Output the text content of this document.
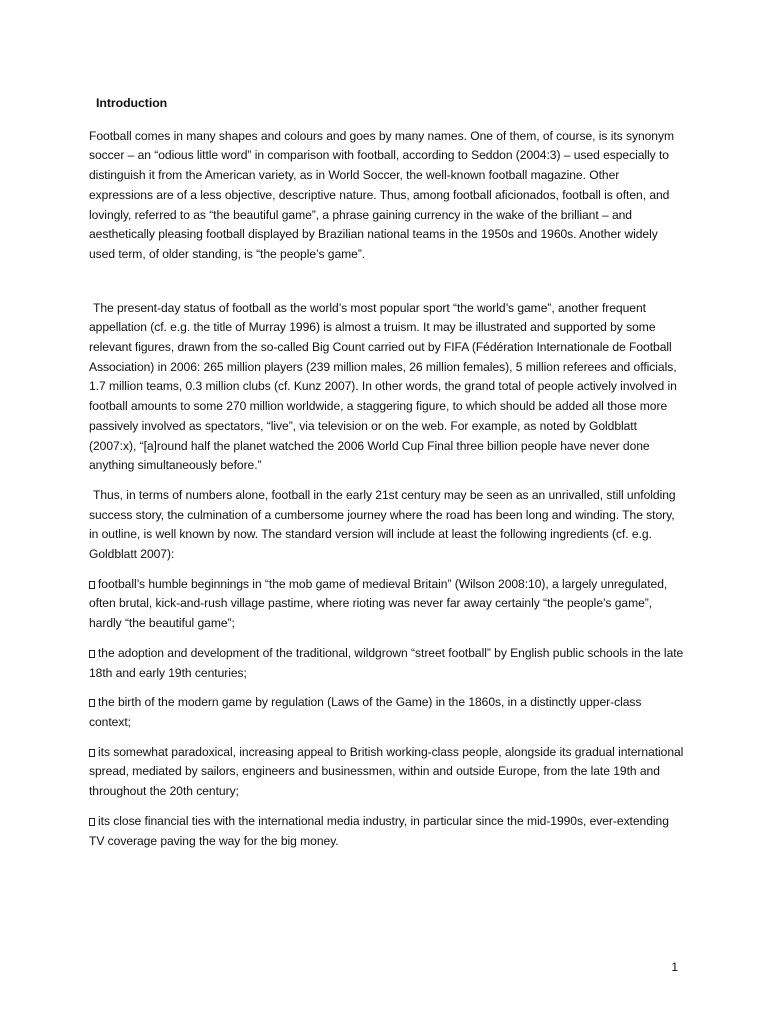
Introduction
Football comes in many shapes and colours and goes by many names. One of them, of course, is its synonym soccer – an “odious little word” in comparison with football, according to Seddon (2004:3) – used especially to distinguish it from the American variety, as in World Soccer, the well-known football magazine. Other expressions are of a less objective, descriptive nature. Thus, among football aficionados, football is often, and lovingly, referred to as “the beautiful game”, a phrase gaining currency in the wake of the brilliant – and aesthetically pleasing football displayed by Brazilian national teams in the 1950s and 1960s. Another widely used term, of older standing, is “the people’s game”.
The present-day status of football as the world’s most popular sport “the world’s game”, another frequent appellation (cf. e.g. the title of Murray 1996) is almost a truism. It may be illustrated and supported by some relevant figures, drawn from the so-called Big Count carried out by FIFA (Fédération Internationale de Football Association) in 2006: 265 million players (239 million males, 26 million females), 5 million referees and officials, 1.7 million teams, 0.3 million clubs (cf. Kunz 2007). In other words, the grand total of people actively involved in football amounts to some 270 million worldwide, a staggering figure, to which should be added all those more passively involved as spectators, “live”, via television or on the web. For example, as noted by Goldblatt (2007:x), “[a]round half the planet watched the 2006 World Cup Final three billion people have never done anything simultaneously before.”
Thus, in terms of numbers alone, football in the early 21st century may be seen as an unrivalled, still unfolding success story, the culmination of a cumbersome journey where the road has been long and winding. The story, in outline, is well known by now. The standard version will include at least the following ingredients (cf. e.g. Goldblatt 2007):
football’s humble beginnings in “the mob game of medieval Britain” (Wilson 2008:10), a largely unregulated, often brutal, kick-and-rush village pastime, where rioting was never far away certainly “the people’s game”, hardly “the beautiful game”;
the adoption and development of the traditional, wildgrown “street football” by English public schools in the late 18th and early 19th centuries;
the birth of the modern game by regulation (Laws of the Game) in the 1860s, in a distinctly upper-class context;
its somewhat paradoxical, increasing appeal to British working-class people, alongside its gradual international spread, mediated by sailors, engineers and businessmen, within and outside Europe, from the late 19th and throughout the 20th century;
its close financial ties with the international media industry, in particular since the mid-1990s, ever-extending TV coverage paving the way for the big money.
1
